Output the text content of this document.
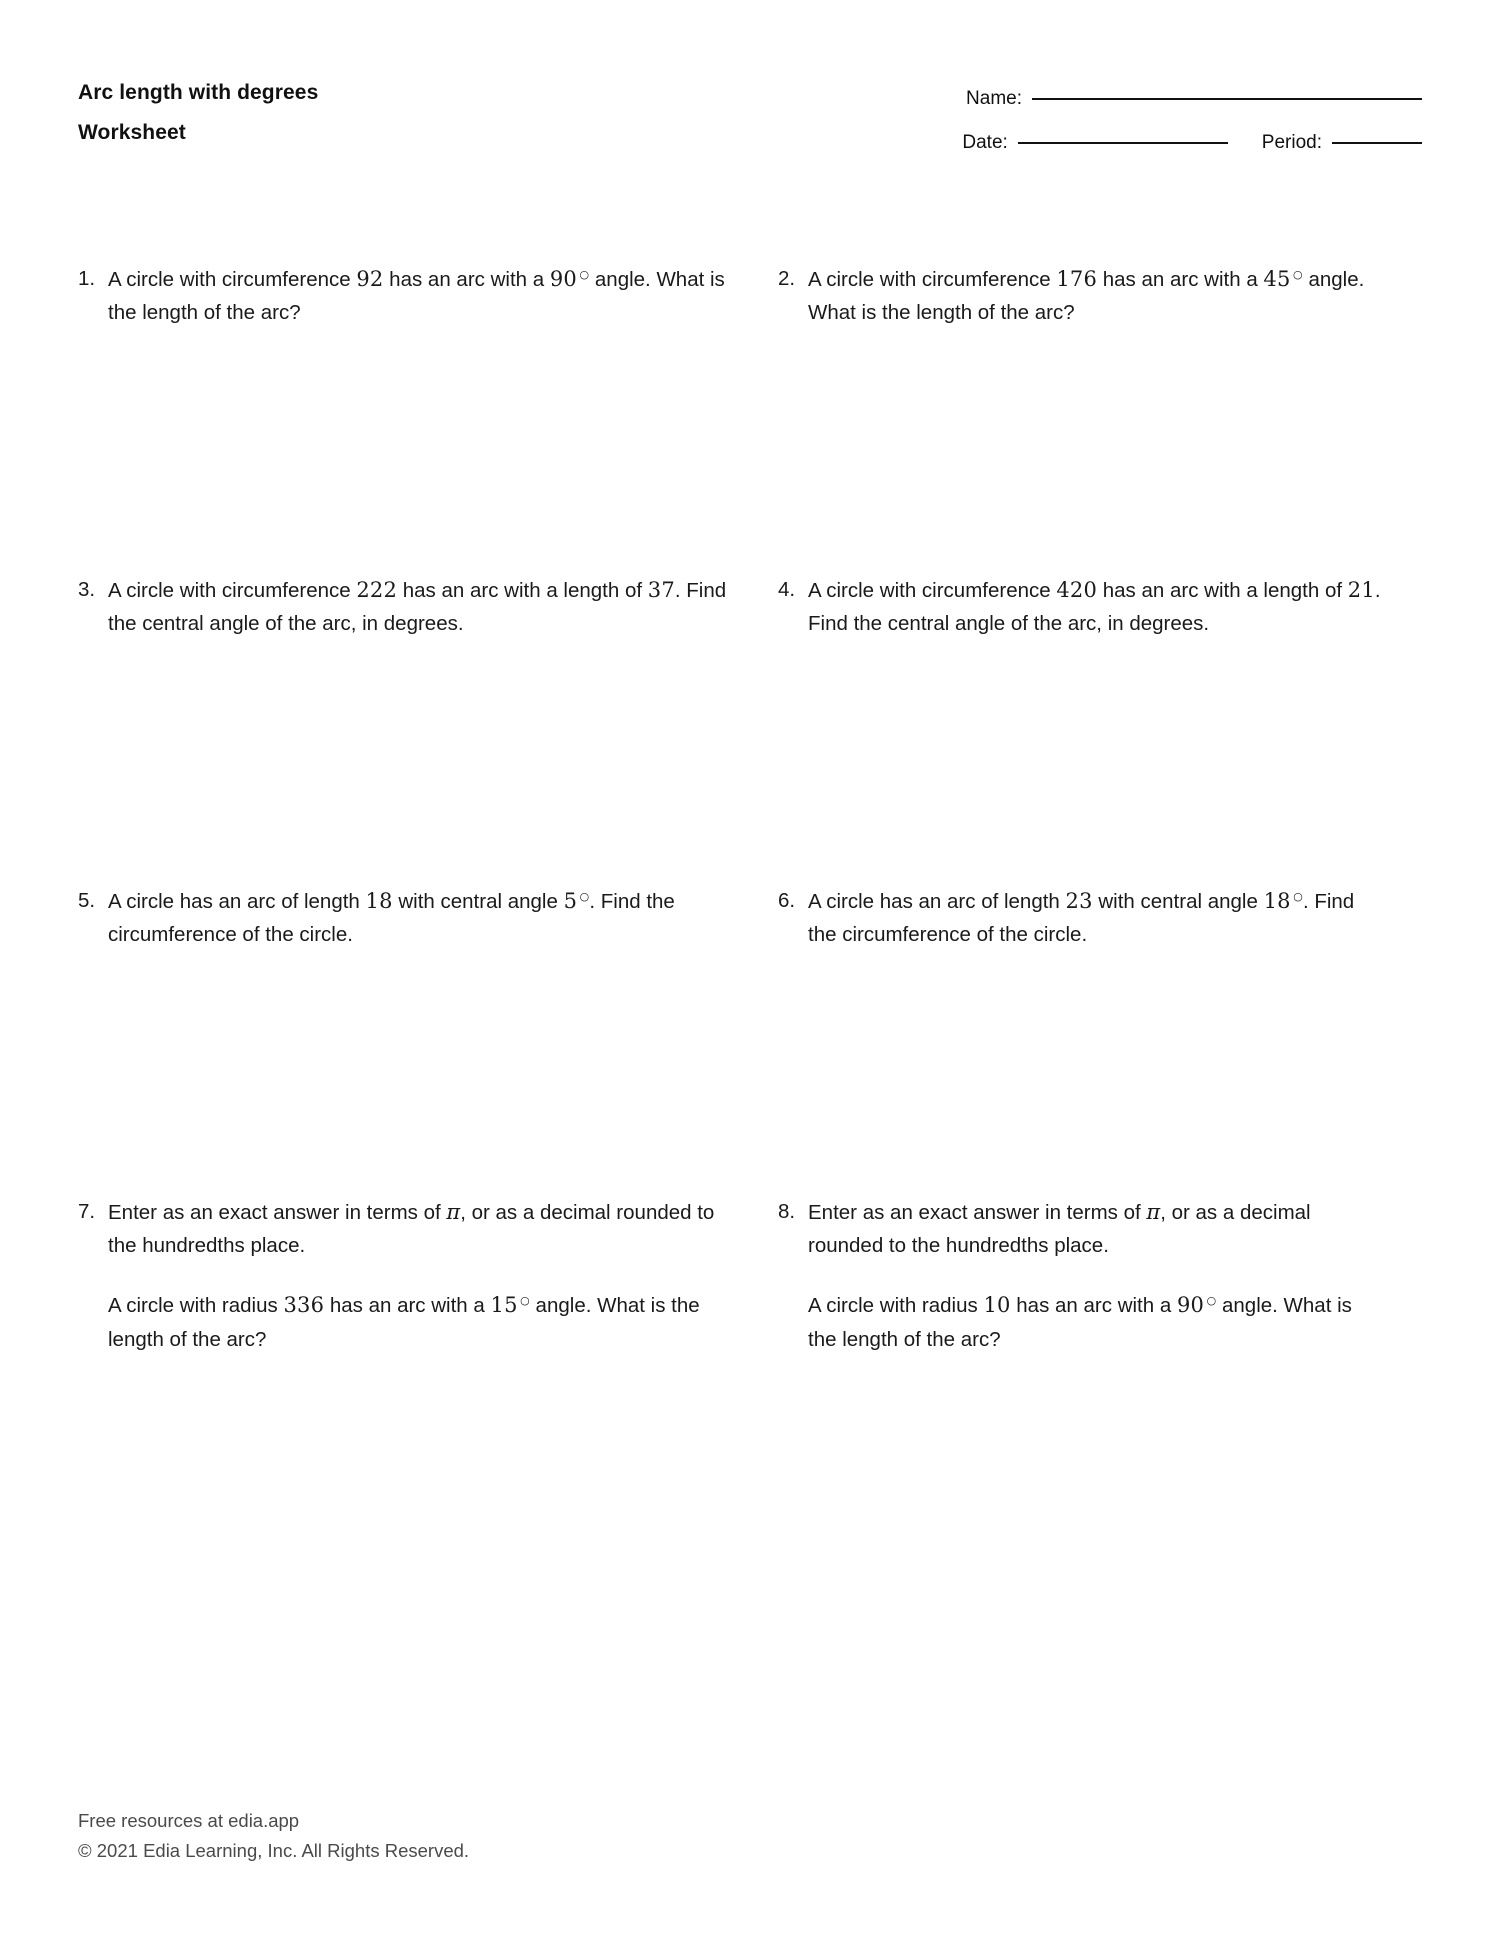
Arc length with degrees
Worksheet
Name:
Date:	Period:
1. A circle with circumference 92 has an arc with a 90 ○ angle. What is the length of the arc?
2. A circle with circumference 176 has an arc with a 45 ○ angle. What is the length of the arc?
3. A circle with circumference 222 has an arc with a length of 37. Find the central angle of the arc, in degrees.
4. A circle with circumference 420 has an arc with a length of 21. Find the central angle of the arc, in degrees.
5. A circle has an arc of length 18 with central angle 5 ○. Find the circumference of the circle.
6. A circle has an arc of length 23 with central angle 18 ○. Find the circumference of the circle.
7. Enter as an exact answer in terms of π, or as a decimal rounded to the hundredths place.
A circle with radius 336 has an arc with a 15 ○ angle. What is the length of the arc?
8. Enter as an exact answer in terms of π, or as a decimal rounded to the hundredths place.
A circle with radius 10 has an arc with a 90 ○ angle. What is the length of the arc?
Free resources at edia.app
© 2021 Edia Learning, Inc. All Rights Reserved.
